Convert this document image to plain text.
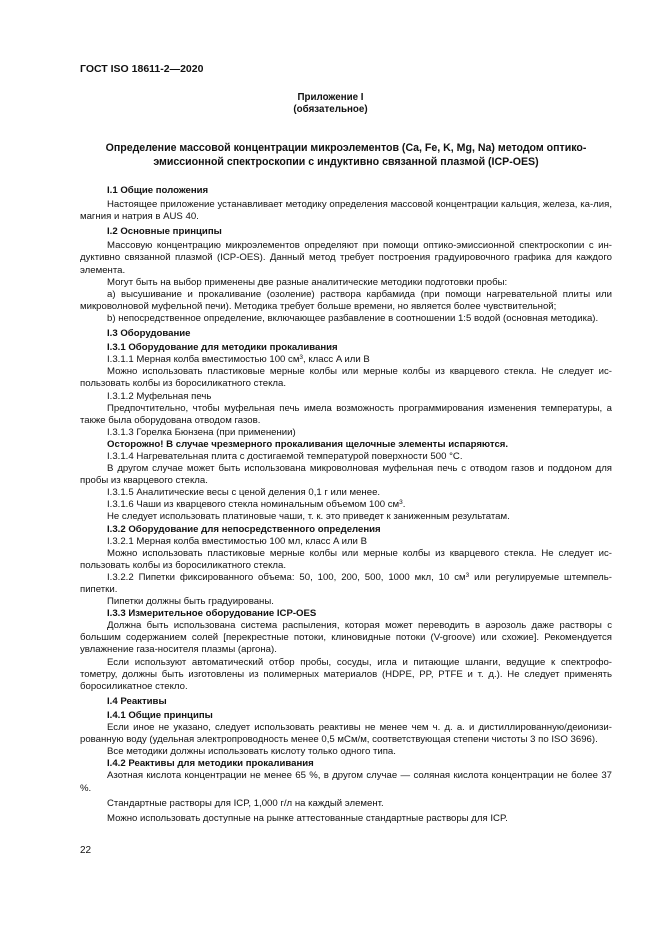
ГОСТ ISO 18611-2—2020
Приложение I
(обязательное)
Определение массовой концентрации микроэлементов (Ca, Fe, K, Mg, Na) методом оптико-
эмиссионной спектроскопии с индуктивно связанной плазмой (ICP-OES)

I.1 Общие положения

Настоящее приложение устанавливает методику определения массовой концентрации кальция, железа, ка-лия, магния и натрия в AUS 40.

I.2 Основные принципы

Массовую концентрацию микроэлементов определяют при помощи оптико-эмиссионной спектроскопии с ин-дуктивно связанной плазмой (ICP-OES). Данный метод требует построения градуировочного графика для каждого элемента.

Могут быть на выбор применены две разные аналитические методики подготовки пробы:

a) высушивание и прокаливание (озоление) раствора карбамида (при помощи нагревательной плиты или микроволновой муфельной печи). Методика требует больше времени, но является более чувствительной;

b) непосредственное определение, включающее разбавление в соотношении 1:5 водой (основная методика).

I.3 Оборудование

I.3.1 Оборудование для методики прокаливания

I.3.1.1 Мерная колба вместимостью 100 $см^3$, класс A или B

Можно использовать пластиковые мерные колбы или мерные колбы из кварцевого стекла. Не следует ис-пользовать колбы из боросиликатного стекла.

I.3.1.2 Муфельная печь

Предпочтительно, чтобы муфельная печь имела возможность программирования изменения температуры, а также была оборудована отводом газов.

I.3.1.3 Горелка Бюнзена (при применении)

Осторожно! В случае чрезмерного прокаливания щелочные элементы испаряются.

I.3.1.4 Нагревательная плита с достигаемой температурой поверхности 500 °C.

В другом случае может быть использована микроволновая муфельная печь с отводом газов и поддоном для пробы из кварцевого стекла.

I.3.1.5 Аналитические весы с ценой деления 0,1 г или менее.

I.3.1.6 Чаши из кварцевого стекла номинальным объемом 100 $см^3$.

Не следует использовать платиновые чаши, т. к. это приведет к заниженным результатам.

I.3.2 Оборудование для непосредственного определения

I.3.2.1 Мерная колба вместимостью 100 мл, класс A или B

Можно использовать пластиковые мерные колбы или мерные колбы из кварцевого стекла. Не следует ис-пользовать колбы из боросиликатного стекла.

I.3.2.2 Пипетки фиксированного объема: 50, 100, 200, 500, 1000 мкл, 10 $см^3$ или регулируемые штемпель-пипетки.

Пипетки должны быть градуированы.

I.3.3 Измерительное оборудование ICP-OES

Должна быть использована система распыления, которая может переводить в аэрозоль даже растворы с большим содержанием солей [перекрестные потоки, клиновидные потоки (V-groove) или схожие]. Рекомендуется увлажнение газа-носителя плазмы (аргона).

Если используют автоматический отбор пробы, сосуды, игла и питающие шланги, ведущие к спектрофо-тометру, должны быть изготовлены из полимерных материалов (HDPE, PP, PTFE и т. д.). Не следует применять боросиликатное стекло.

I.4 Реактивы

I.4.1 Общие принципы

Если иное не указано, следует использовать реактивы не менее чем ч. д. а. и дистиллированную/деионизи-рованную воду (удельная электропроводность менее 0,5 мСм/м, соответствующая степени чистоты 3 по ISO 3696).

Все методики должны использовать кислоту только одного типа.

I.4.2 Реактивы для методики прокаливания

Азотная кислота концентрации не менее 65 %, в другом случае — соляная кислота концентрации не более 37 %.

Стандартные растворы для ICP, 1,000 г/л на каждый элемент.

Можно использовать доступные на рынке аттестованные стандартные растворы для ICP.

22
